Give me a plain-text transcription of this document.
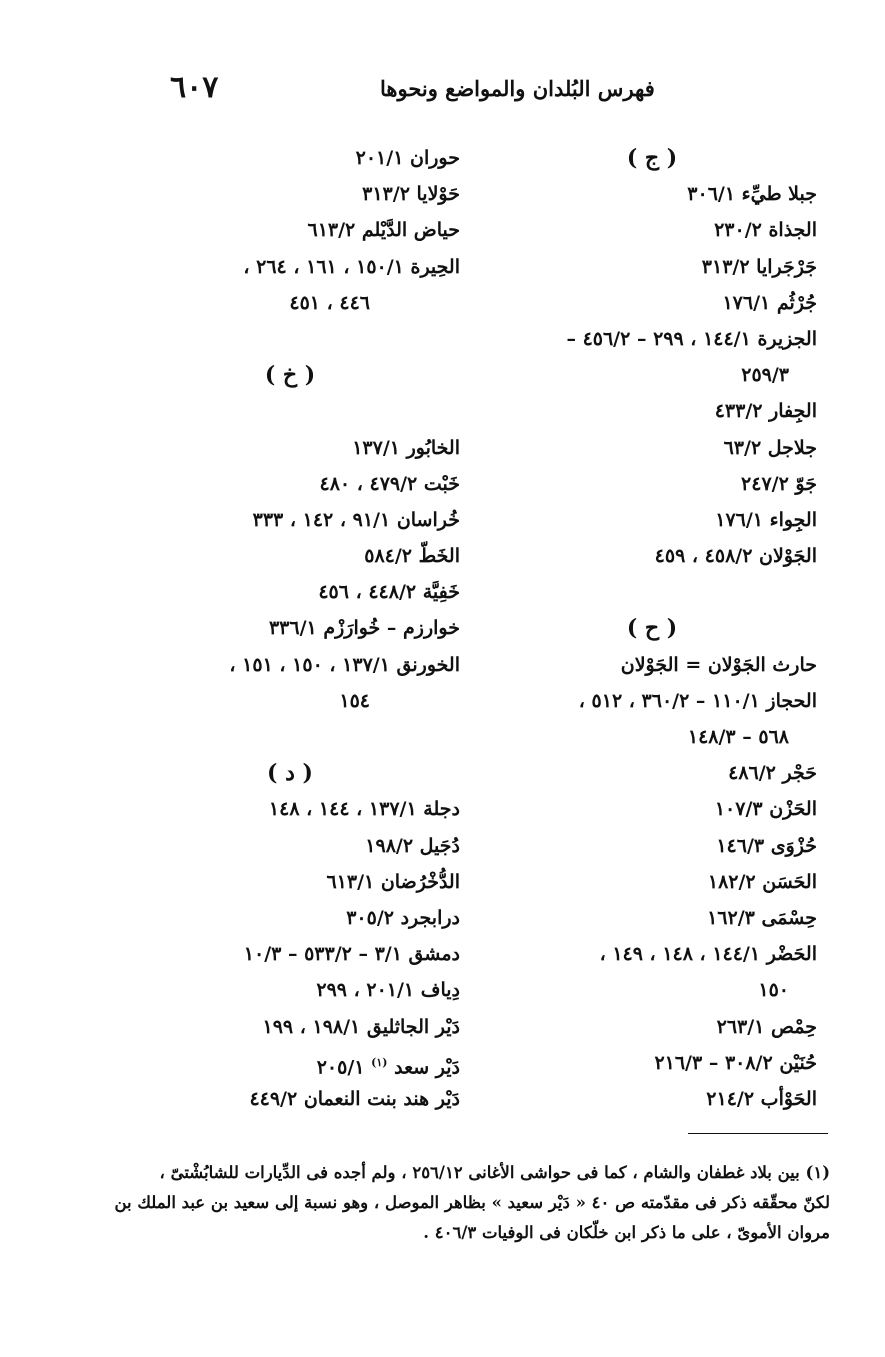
٦٠٧	فهرس البُلدان والمواضع ونحوها
( ج )
جبلا طيِّء ٣٠٦/١
الجذاة ٢٣٠/٢
جَرْجَرايا ٣١٣/٢
جُرْثُم ١٧٦/١
الجزيرة ١٤٤/١ ، ٢٩٩ – ٤٥٦/٢ –
٢٥٩/٣
الجِفار ٤٣٣/٢
جلاجل ٦٣/٢
جَوّ ٢٤٧/٢
الجِواء ١٧٦/١
الجَوْلان ٤٥٨/٢ ، ٤٥٩
( ح )
حارث الجَوْلان = الجَوْلان
الحجاز ١١٠/١ – ٣٦٠/٢ ، ٥١٢ ،
٥٦٨ – ١٤٨/٣
حَجْر ٤٨٦/٢
الحَزْن ١٠٧/٣
حُزْوَى ١٤٦/٣
الحَسَن ١٨٢/٢
حِسْمَى ١٦٢/٣
الحَضْر ١٤٤/١ ، ١٤٨ ، ١٤٩ ،
١٥٠
حِمْص ٢٦٣/١
حُنَيْن ٣٠٨/٢ – ٢١٦/٣
الحَوْأب ٢١٤/٢
حوران ٢٠١/١
حَوْلايا ٣١٣/٢
حياض الدَّيْلم ٦١٣/٢
الحِيرة ١٥٠/١ ، ١٦١ ، ٢٦٤ ،
٤٤٦ ، ٤٥١
( خ )
الخابُور ١٣٧/١
خَبْت ٤٧٩/٢ ، ٤٨٠
خُراسان ٩١/١ ، ١٤٢ ، ٣٣٣
الخَطّ ٥٨٤/٢
خَفِيَّة ٤٤٨/٢ ، ٤٥٦
خوارزم – خُوارَزْم ٣٣٦/١
الخورنق ١٣٧/١ ، ١٥٠ ، ١٥١ ،
١٥٤
( د )
دجلة ١٣٧/١ ، ١٤٤ ، ١٤٨
دُجَيل ١٩٨/٢
الدُّخْرُضان ٦١٣/١
درابجرد ٣٠٥/٢
دمشق ٣/١ – ٥٣٣/٢ – ١٠/٣
دِياف ٢٠١/١ ، ٢٩٩
دَيْر الجاثليق ١٩٨/١ ، ١٩٩
دَيْر سعد $^{(١)}$ ٢٠٥/١
دَيْر هند بنت النعمان ٤٤٩/٢
(١) بين بلاد غطفان والشام ، كما فى حواشى الأغانى ٢٥٦/١٢ ، ولم أجده فى الدِّيارات للشابُشْتىّ ،
لكنّ محقّقه ذكر فى مقدّمته ص ٤٠ « دَيْر سعيد » بظاهر الموصل ، وهو نسبة إلى سعيد بن عبد الملك بن
مروان الأموىّ ، على ما ذكر ابن خلّكان فى الوفيات ٤٠٦/٣ .
